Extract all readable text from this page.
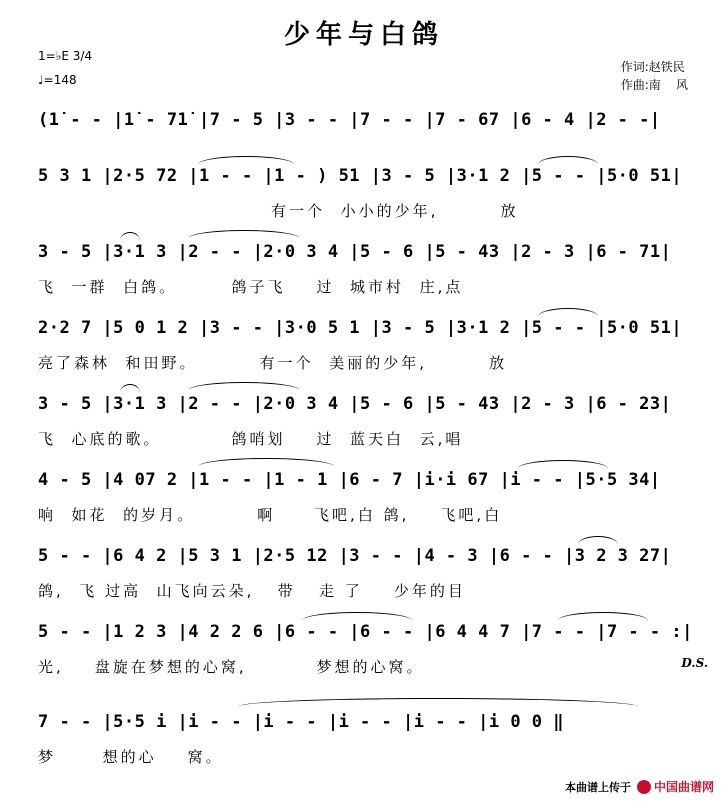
少年与白鸽
1=♭E 3/4
♩=148
作词:赵铁民
作曲:南    风
(1̇ - - |1̇ - 71̇ |7 - 5 |3 - - |7 - - |7 - 67 |6 - 4 |2 - -|
5 3 1 |2·5 72 |1 - - |1 - ) 51 |3 - 5 |3·1 2 |5 - - |5·0 51|
有一个  小小的少年,        放
3 - 5 |3·1 3 |2 - - |2·0 3 4 |5 - 6 |5 - 43 |2 - 3 |6 - 71|
飞  一群  白鸽。       鸽子飞    过  城市村  庄,点
2·2 7 |5 0 1 2 |3 - - |3·0 5 1 |3 - 5 |3·1 2 |5 - - |5·0 51|
亮了森林  和田野。        有一个  美丽的少年,        放
3 - 5 |3·1 3 |2 - - |2·0 3 4 |5 - 6 |5 - 43 |2 - 3 |6 - 23|
飞  心底的歌。         鸽哨划    过  蓝天白  云,唱
4 - 5 |4 07 2 |1 - - |1 - 1 |6 - 7 |i·i 67 |i - - |5·5 34|
响  如花  的岁月。        啊     飞吧,白 鸽,    飞吧,白
5 - - |6 4 2 |5 3 1 |2·5 12 |3 - - |4 - 3 |6 - - |3 2 3 27|
鸽,  飞 过高  山飞向云朵,   带   走 了    少年的目
5 - - |1 2 3 |4 2 2 6 |6 - - |6 - - |6 4 4 7 |7 - - |7 - - :|
光,    盘旋在梦想的心窝,         梦想的心窝。
7 - - |5·5 i |i - - |i - - |i - - |i - - |i 0 0 ‖
梦      想的心    窝。
D.S.
本曲谱上传于 中国曲谱网
